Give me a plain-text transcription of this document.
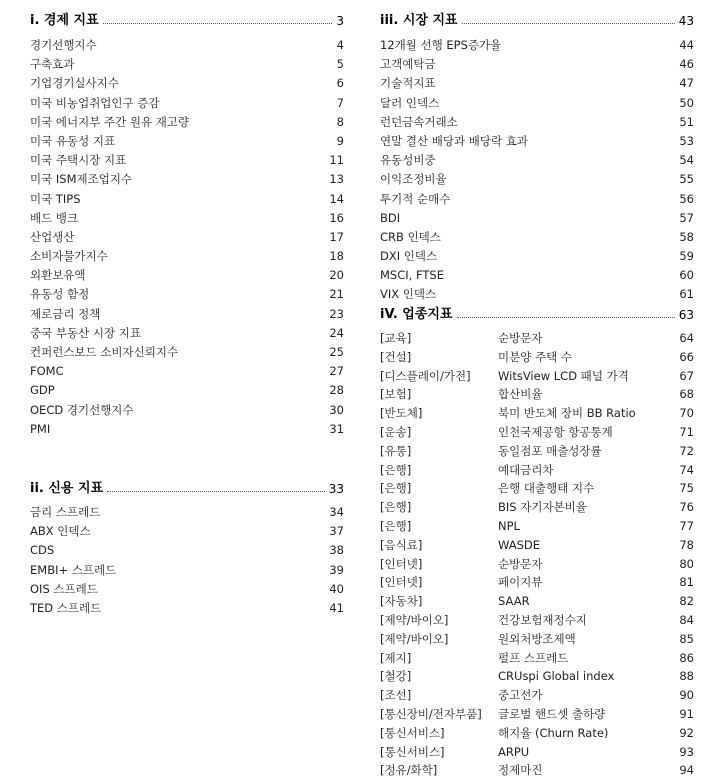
i. 경제 지표	3
경기선행지수	4
구축효과	5
기업경기실사지수	6
미국 비농업취업인구 증감	7
미국 에너지부 주간 원유 재고량	8
미국 유동성 지표	9
미국 주택시장 지표	11
미국 ISM제조업지수	13
미국 TIPS	14
배드 뱅크	16
산업생산	17
소비자물가지수	18
외환보유액	20
유동성 함정	21
제로금리 정책	23
중국 부동산 시장 지표	24
컨퍼런스보드 소비자신뢰지수	25
FOMC	27
GDP	28
OECD 경기선행지수	30
PMI	31
ii. 신용 지표	33
금리 스프레드	34
ABX 인덱스	37
CDS	38
EMBI+ 스프레드	39
OIS 스프레드	40
TED 스프레드	41
iii. 시장 지표	43
12개월 선행 EPS증가율	44
고객예탁금	46
기술적지표	47
달러 인덱스	50
런던금속거래소	51
연말 결산 배당과 배당락 효과	53
유동성비중	54
이익조정비율	55
투기적 순매수	56
BDI	57
CRB 인덱스	58
DXI 인덱스	59
MSCI, FTSE	60
VIX 인덱스	61
iV. 업종지표	63
[교육]	순방문자	64
[건설]	미분양 주택 수	66
[디스플레이/가전]	WitsView LCD 패널 가격	67
[보험]	합산비율	68
[반도체]	북미 반도체 장비 BB Ratio	70
[운송]	인천국제공항 항공통계	71
[유통]	동일점포 매출성장률	72
[은행]	예대금리차	74
[은행]	은행 대출행태 지수	75
[은행]	BIS 자기자본비율	76
[은행]	NPL	77
[음식료]	WASDE	78
[인터넷]	순방문자	80
[인터넷]	페이지뷰	81
[자동차]	SAAR	82
[제약/바이오]	건강보험재정수지	84
[제약/바이오]	원외처방조제액	85
[제지]	펄프 스프레드	86
[철강]	CRUspi Global index	88
[조선]	중고선가	90
[통신장비/전자부품]	글로벌 핸드셋 출하량	91
[통신서비스]	해지율 (Churn Rate)	92
[통신서비스]	ARPU	93
[정유/화학]	정제마진	94
